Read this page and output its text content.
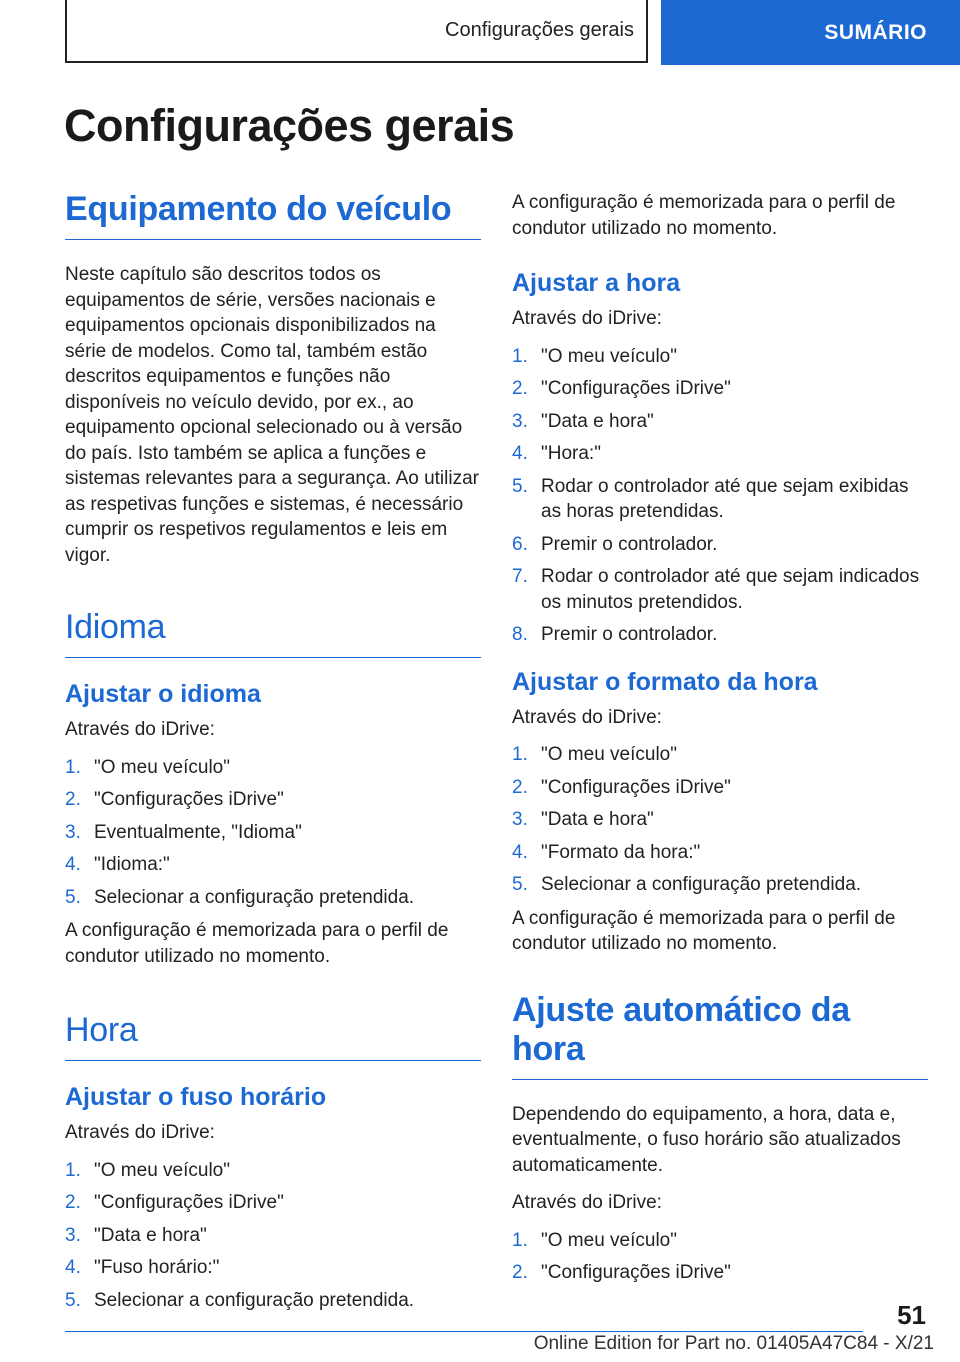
Configurações gerais	SUMÁRIO
Configurações gerais
Equipamento do veículo

Neste capítulo são descritos todos os equipamentos de série, versões nacionais e equipamentos opcionais disponibilizados na série de modelos. Como tal, também estão descritos equipamentos e funções não disponíveis no veículo devido, por ex., ao equipamento opcional selecionado ou à versão do país. Isto também se aplica a funções e sistemas relevantes para a segurança. Ao utilizar as respetivas funções e sistemas, é necessário cumprir os respetivos regulamentos e leis em vigor.

Idioma
Ajustar o idioma

Através do iDrive:

1. "O meu veículo"
2. "Configurações iDrive"
3. Eventualmente, "Idioma"
4. "Idioma:"
5. Selecionar a configuração pretendida.

A configuração é memorizada para o perfil de condutor utilizado no momento.

Hora
Ajustar o fuso horário

Através do iDrive:

1. "O meu veículo"
2. "Configurações iDrive"
3. "Data e hora"
4. "Fuso horário:"
5. Selecionar a configuração pretendida.

A configuração é memorizada para o perfil de condutor utilizado no momento.

Ajustar a hora

Através do iDrive:

1. "O meu veículo"
2. "Configurações iDrive"
3. "Data e hora"
4. "Hora:"
5. Rodar o controlador até que sejam exibidas as horas pretendidas.
6. Premir o controlador.
7. Rodar o controlador até que sejam indicados os minutos pretendidos.
8. Premir o controlador.
Ajustar o formato da hora

Através do iDrive:

1. "O meu veículo"
2. "Configurações iDrive"
3. "Data e hora"
4. "Formato da hora:"
5. Selecionar a configuração pretendida.

A configuração é memorizada para o perfil de condutor utilizado no momento.

Ajuste automático da hora

Dependendo do equipamento, a hora, data e, eventualmente, o fuso horário são atualizados automaticamente.

Através do iDrive:

1. "O meu veículo"
2. "Configurações iDrive"
51
Online Edition for Part no. 01405A47C84 - X/21
